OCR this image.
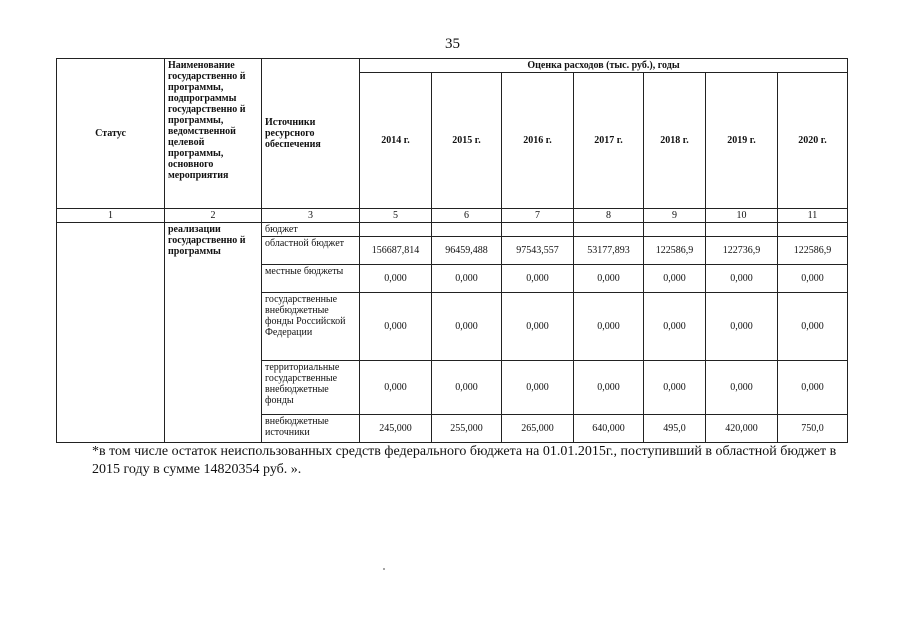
35
Статус	Наименование государственно й программы, подпрограммы государственно й программы, ведомственной целевой программы, основного мероприятия	Источники ресурсного обеспечения	Оценка расходов (тыс. руб.), годы						
			2014 г.	2015 г.	2016 г.	2017 г.	2018 г.	2019 г.	2020 г.
1	2	3	5	6	7	8	9	10	11
	реализации государственно й программы	бюджет							
		областной бюджет	156687,814	96459,488	97543,557	53177,893	122586,9	122736,9	122586,9
		местные бюджеты	0,000	0,000	0,000	0,000	0,000	0,000	0,000
		государственные внебюджетные фонды Российской Федерации	0,000	0,000	0,000	0,000	0,000	0,000	0,000
		территориальные государственные внебюджетные фонды	0,000	0,000	0,000	0,000	0,000	0,000	0,000
		внебюджетные источники	245,000	255,000	265,000	640,000	495,0	420,000	750,0
*в том числе остаток неиспользованных средств федерального бюджета на 01.01.2015г., поступивший в областной бюджет в 2015 году в сумме 14820354 руб. ».
